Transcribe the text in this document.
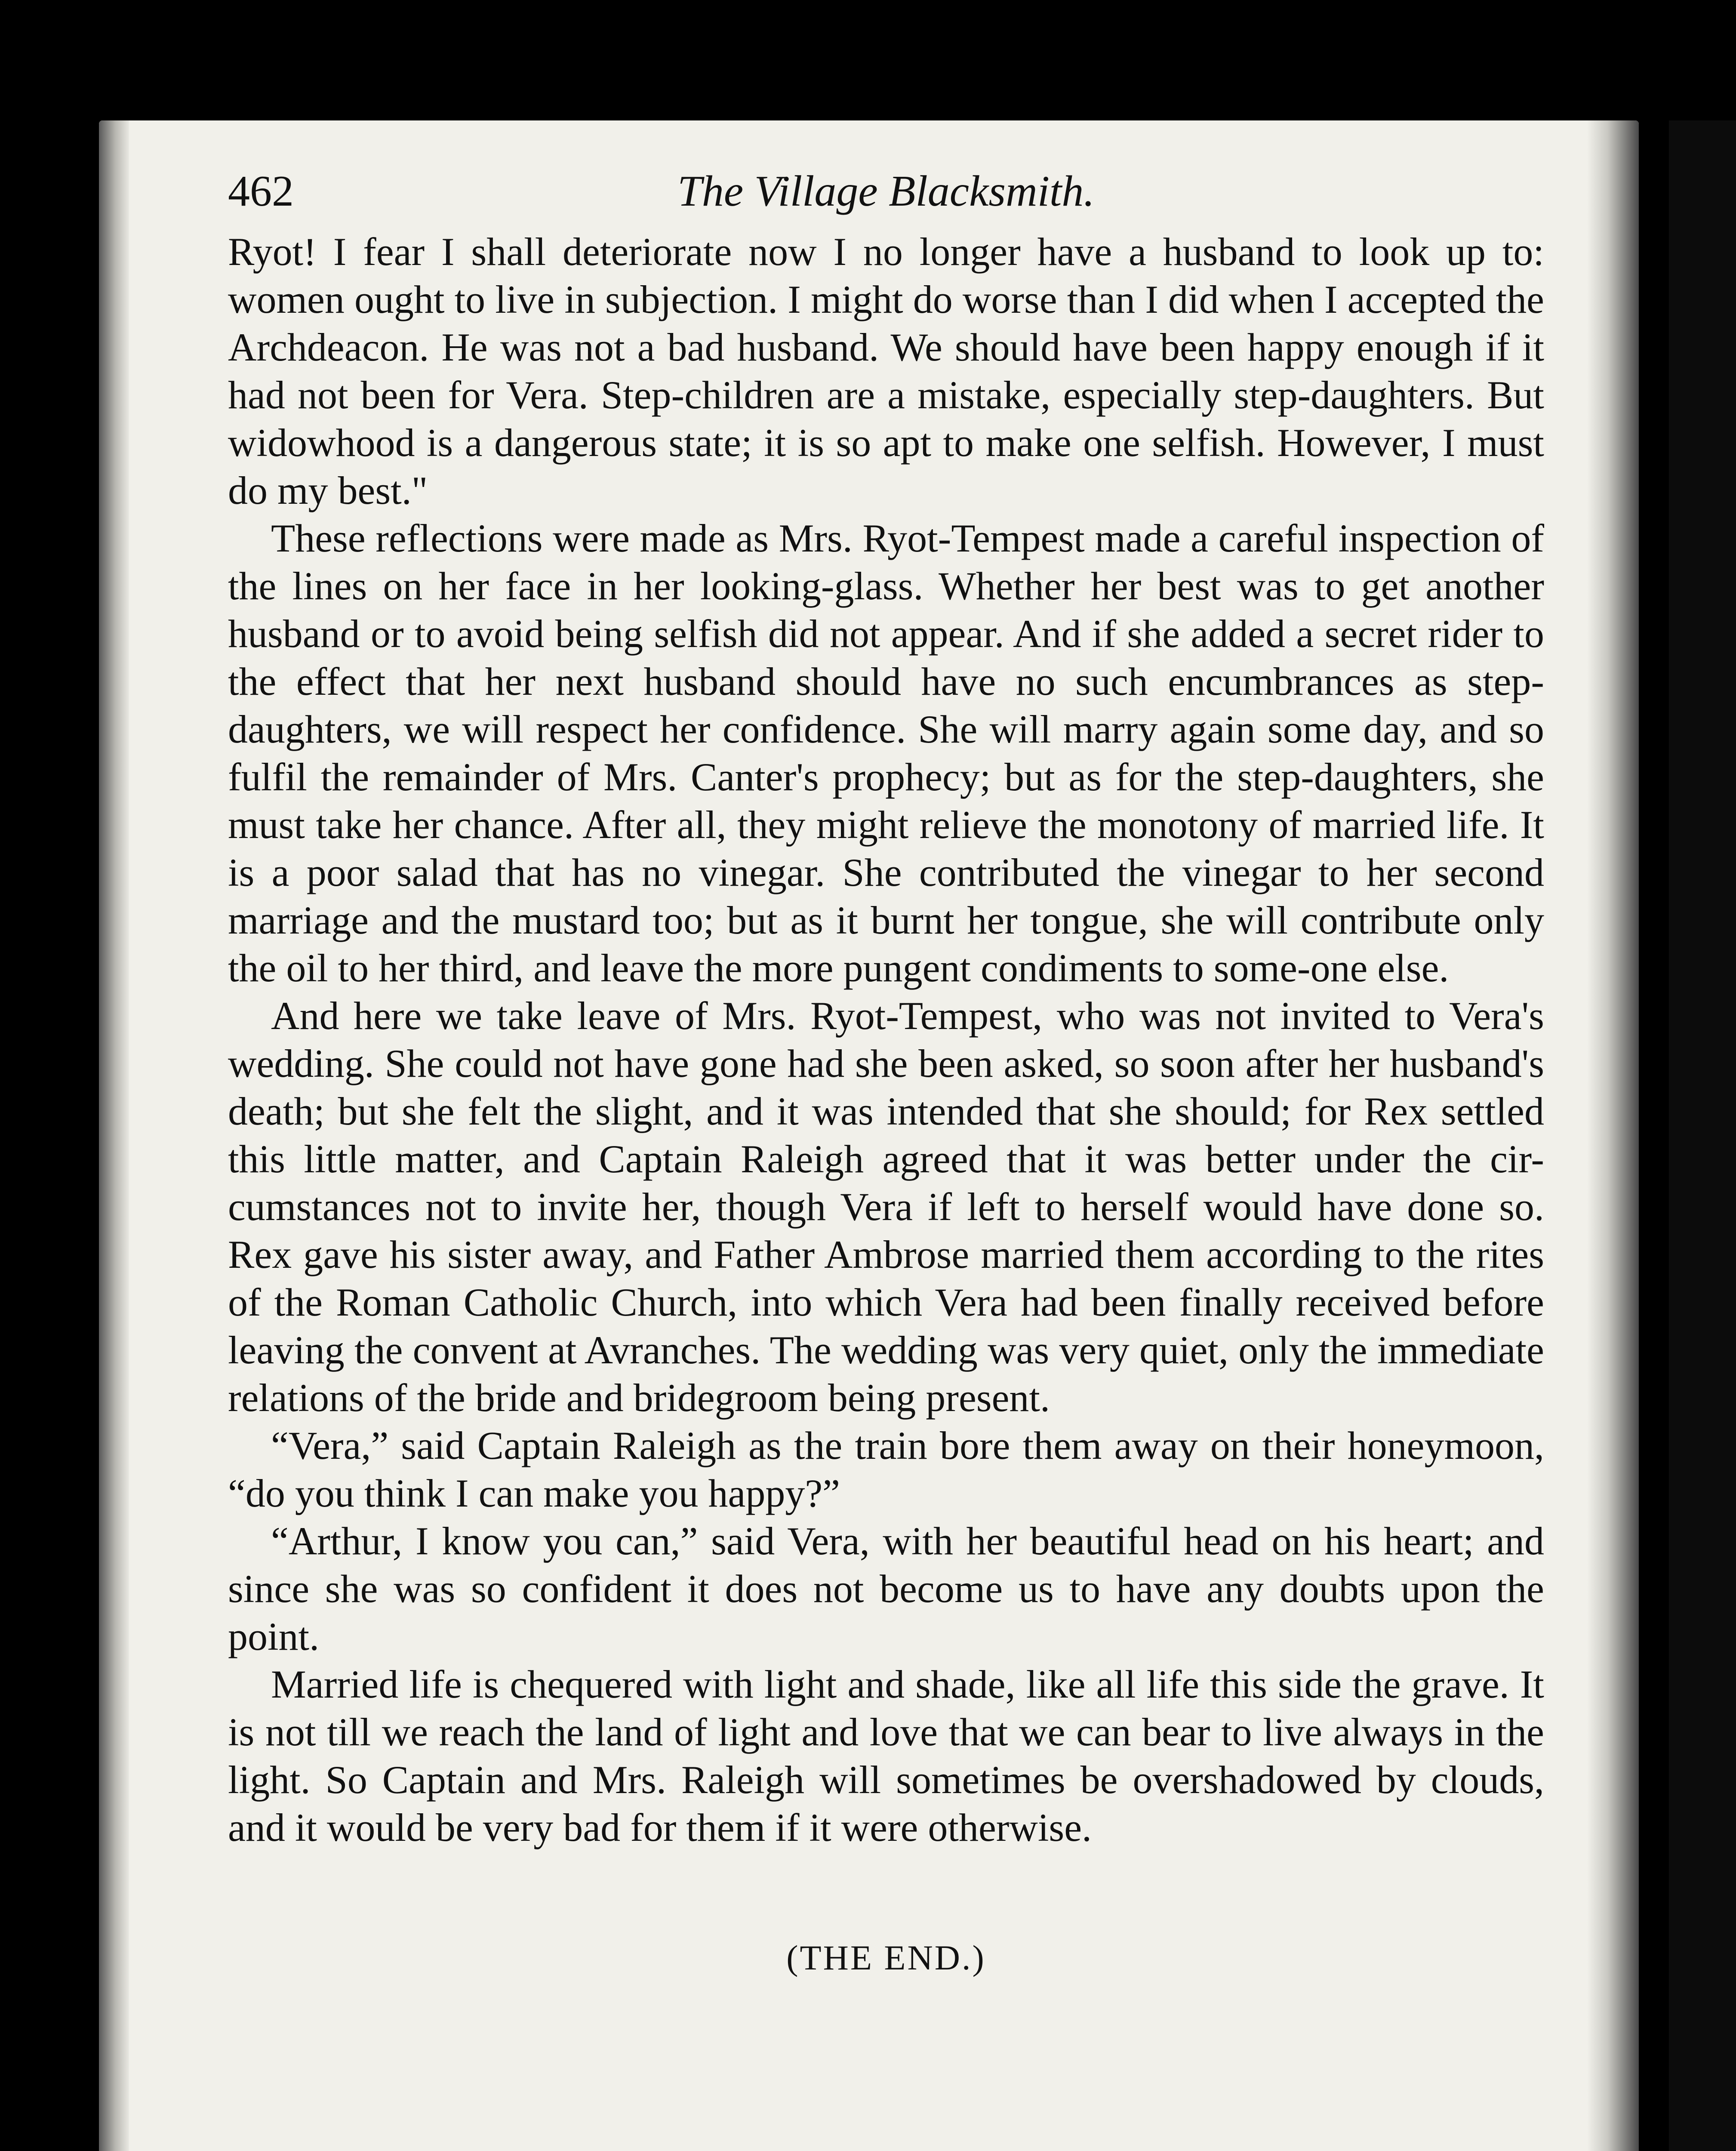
462	The Village Blacksmith.

Ryot! I fear I shall deteriorate now I no longer have a husband to look up to: women ought to live in subjection. I might do worse than I did when I accepted the Archdeacon. He was not a bad husband. We should have been happy enough if it had not been for Vera. Step-children are a mistake, especially step-daughters. But widowhood is a dangerous state; it is so apt to make one selfish. However, I must do my best."

These reflections were made as Mrs. Ryot-Tempest made a careful inspection of the lines on her face in her looking-glass. Whether her best was to get another husband or to avoid being selfish did not appear. And if she added a secret rider to the effect that her next husband should have no such encumbrances as step-daughters, we will respect her confidence. She will marry again some day, and so fulfil the remainder of Mrs. Canter's prophecy; but as for the step-daughters, she must take her chance. After all, they might relieve the monotony of married life. It is a poor salad that has no vinegar. She contributed the vinegar to her second marriage and the mustard too; but as it burnt her tongue, she will contribute only the oil to her third, and leave the more pungent condiments to some-one else.

And here we take leave of Mrs. Ryot-Tempest, who was not invited to Vera's wedding. She could not have gone had she been asked, so soon after her husband's death; but she felt the slight, and it was intended that she should; for Rex settled this little matter, and Captain Raleigh agreed that it was better under the cir-cumstances not to invite her, though Vera if left to herself would have done so. Rex gave his sister away, and Father Ambrose married them according to the rites of the Roman Catholic Church, into which Vera had been finally received before leaving the convent at Avranches. The wedding was very quiet, only the immediate relations of the bride and bridegroom being present.

“Vera,” said Captain Raleigh as the train bore them away on their honeymoon, “do you think I can make you happy?”

“Arthur, I know you can,” said Vera, with her beautiful head on his heart; and since she was so confident it does not become us to have any doubts upon the point.

Married life is chequered with light and shade, like all life this side the grave. It is not till we reach the land of light and love that we can bear to live always in the light. So Captain and Mrs. Raleigh will sometimes be overshadowed by clouds, and it would be very bad for them if it were otherwise.

(THE END.)
